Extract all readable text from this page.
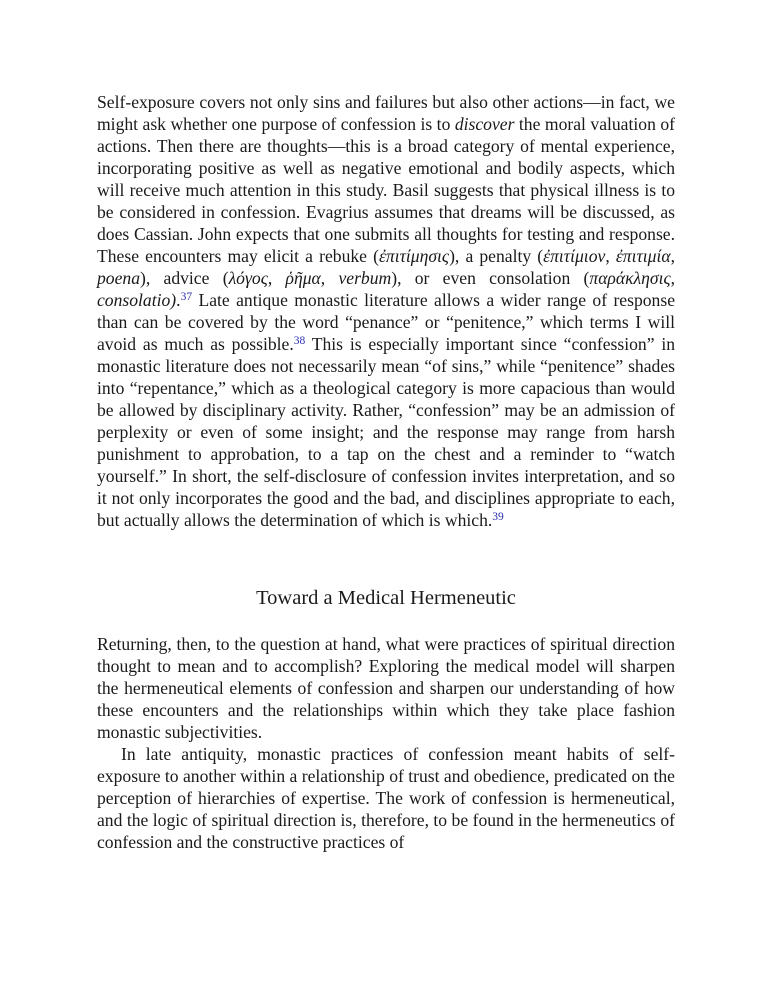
Self-exposure covers not only sins and failures but also other actions—in fact, we might ask whether one purpose of confession is to discover the moral valuation of actions. Then there are thoughts—this is a broad category of mental experience, incorporating positive as well as negative emotional and bodily aspects, which will receive much attention in this study. Basil suggests that physical illness is to be considered in confession. Evagrius assumes that dreams will be discussed, as does Cassian. John expects that one submits all thoughts for testing and response. These encounters may elicit a rebuke (ἐπιτίμησις), a penalty (ἐπιτίμιον, ἐπιτιμία, poena), advice (λόγος, ῥῆμα, verbum), or even consolation (παράκλησις, consolatio).$^{37}$ Late antique monastic literature allows a wider range of response than can be covered by the word “penance” or “penitence,” which terms I will avoid as much as possible.$^{38}$ This is especially important since “confession” in monastic literature does not necessarily mean “of sins,” while “penitence” shades into “repentance,” which as a theological category is more capacious than would be allowed by disciplinary activity. Rather, “confession” may be an admission of perplexity or even of some insight; and the response may range from harsh punishment to approbation, to a tap on the chest and a reminder to “watch yourself.” In short, the self-disclosure of confession invites interpretation, and so it not only incorporates the good and the bad, and disciplines appropriate to each, but actually allows the determination of which is which.$^{39}$

Toward a Medical Hermeneutic

Returning, then, to the question at hand, what were practices of spiritual direction thought to mean and to accomplish? Exploring the medical model will sharpen the hermeneutical elements of confession and sharpen our understanding of how these encounters and the relationships within which they take place fashion monastic subjectivities.

In late antiquity, monastic practices of confession meant habits of self-exposure to another within a relationship of trust and obedience, predicated on the perception of hierarchies of expertise. The work of confession is hermeneutical, and the logic of spiritual direction is, therefore, to be found in the hermeneutics of confession and the constructive practices of
